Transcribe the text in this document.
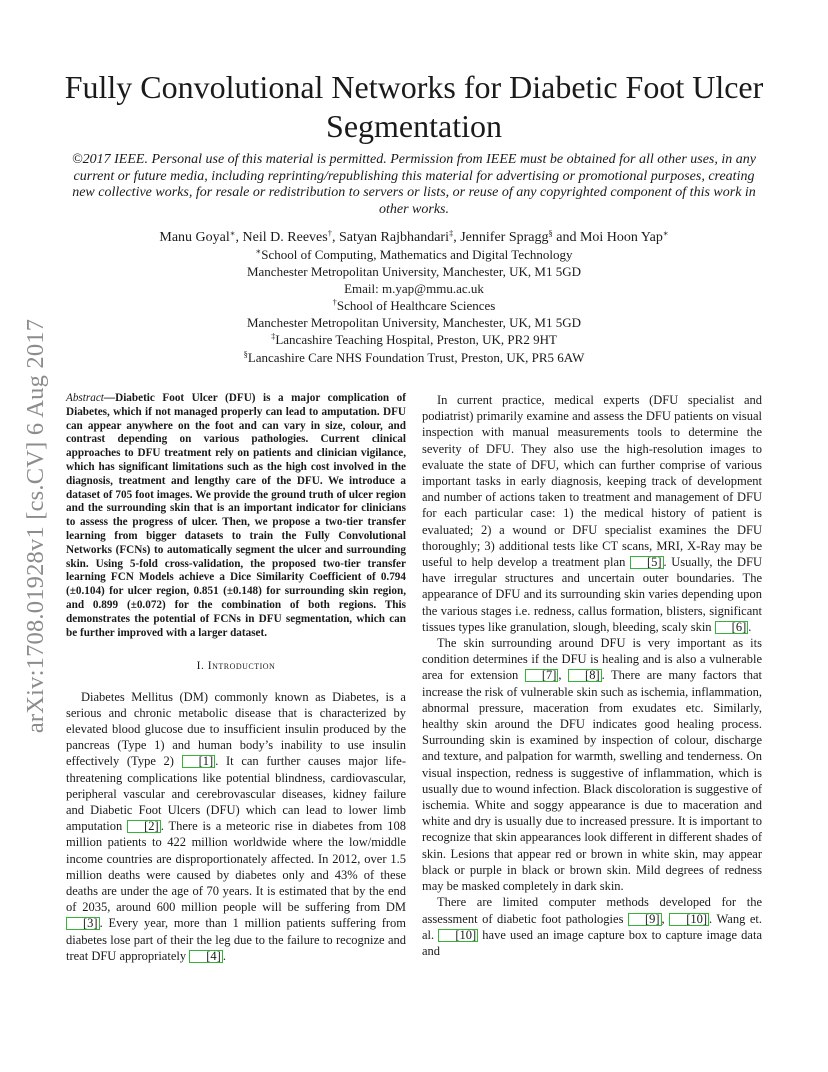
arXiv:1708.01928v1 [cs.CV] 6 Aug 2017
Fully Convolutional Networks for Diabetic Foot Ulcer Segmentation

©2017 IEEE. Personal use of this material is permitted. Permission from IEEE must be obtained for all other uses, in any current or future media, including reprinting/republishing this material for advertising or promotional purposes, creating new collective works, for resale or redistribution to servers or lists, or reuse of any copyrighted component of this work in other works.

Manu Goyal∗, Neil D. Reeves†, Satyan Rajbhandari‡, Jennifer Spragg§ and Moi Hoon Yap∗
∗School of Computing, Mathematics and Digital Technology
Manchester Metropolitan University, Manchester, UK, M1 5GD
Email: m.yap@mmu.ac.uk
†School of Healthcare Sciences
Manchester Metropolitan University, Manchester, UK, M1 5GD
‡Lancashire Teaching Hospital, Preston, UK, PR2 9HT
§Lancashire Care NHS Foundation Trust, Preston, UK, PR5 6AW

Abstract—Diabetic Foot Ulcer (DFU) is a major complication of Diabetes, which if not managed properly can lead to amputation. DFU can appear anywhere on the foot and can vary in size, colour, and contrast depending on various pathologies. Current clinical approaches to DFU treatment rely on patients and clinician vigilance, which has significant limitations such as the high cost involved in the diagnosis, treatment and lengthy care of the DFU. We introduce a dataset of 705 foot images. We provide the ground truth of ulcer region and the surrounding skin that is an important indicator for clinicians to assess the progress of ulcer. Then, we propose a two-tier transfer learning from bigger datasets to train the Fully Convolutional Networks (FCNs) to automatically segment the ulcer and surrounding skin. Using 5-fold cross-validation, the proposed two-tier transfer learning FCN Models achieve a Dice Similarity Coefficient of 0.794 (±0.104) for ulcer region, 0.851 (±0.148) for surrounding skin region, and 0.899 (±0.072) for the combination of both regions. This demonstrates the potential of FCNs in DFU segmentation, which can be further improved with a larger dataset.

I. Introduction

Diabetes Mellitus (DM) commonly known as Diabetes, is a serious and chronic metabolic disease that is characterized by elevated blood glucose due to insufficient insulin produced by the pancreas (Type 1) and human body’s inability to use insulin effectively (Type 2) [1] . It can further causes major life-threatening complications like potential blindness, cardiovascular, peripheral vascular and cerebrovascular diseases, kidney failure and Diabetic Foot Ulcers (DFU) which can lead to lower limb amputation [2] . There is a meteoric rise in diabetes from 108 million patients to 422 million worldwide where the low/middle income countries are disproportionately affected. In 2012, over 1.5 million deaths were caused by diabetes only and 43% of these deaths are under the age of 70 years. It is estimated that by the end of 2035, around 600 million people will be suffering from DM [3] . Every year, more than 1 million patients suffering from diabetes lose part of their the leg due to the failure to recognize and treat DFU appropriately [4] .

In current practice, medical experts (DFU specialist and podiatrist) primarily examine and assess the DFU patients on visual inspection with manual measurements tools to determine the severity of DFU. They also use the high-resolution images to evaluate the state of DFU, which can further comprise of various important tasks in early diagnosis, keeping track of development and number of actions taken to treatment and management of DFU for each particular case: 1) the medical history of patient is evaluated; 2) a wound or DFU specialist examines the DFU thoroughly; 3) additional tests like CT scans, MRI, X-Ray may be useful to help develop a treatment plan [5] . Usually, the DFU have irregular structures and uncertain outer boundaries. The appearance of DFU and its surrounding skin varies depending upon the various stages i.e. redness, callus formation, blisters, significant tissues types like granulation, slough, bleeding, scaly skin [6] .

The skin surrounding around DFU is very important as its condition determines if the DFU is healing and is also a vulnerable area for extension [7] , [8] . There are many factors that increase the risk of vulnerable skin such as ischemia, inflammation, abnormal pressure, maceration from exudates etc. Similarly, healthy skin around the DFU indicates good healing process. Surrounding skin is examined by inspection of colour, discharge and texture, and palpation for warmth, swelling and tenderness. On visual inspection, redness is suggestive of inflammation, which is usually due to wound infection. Black discoloration is suggestive of ischemia. White and soggy appearance is due to maceration and white and dry is usually due to increased pressure. It is important to recognize that skin appearances look different in different shades of skin. Lesions that appear red or brown in white skin, may appear black or purple in black or brown skin. Mild degrees of redness may be masked completely in dark skin.

There are limited computer methods developed for the assessment of diabetic foot pathologies [9] , [10] . Wang et. al. [10] have used an image capture box to capture image data and
